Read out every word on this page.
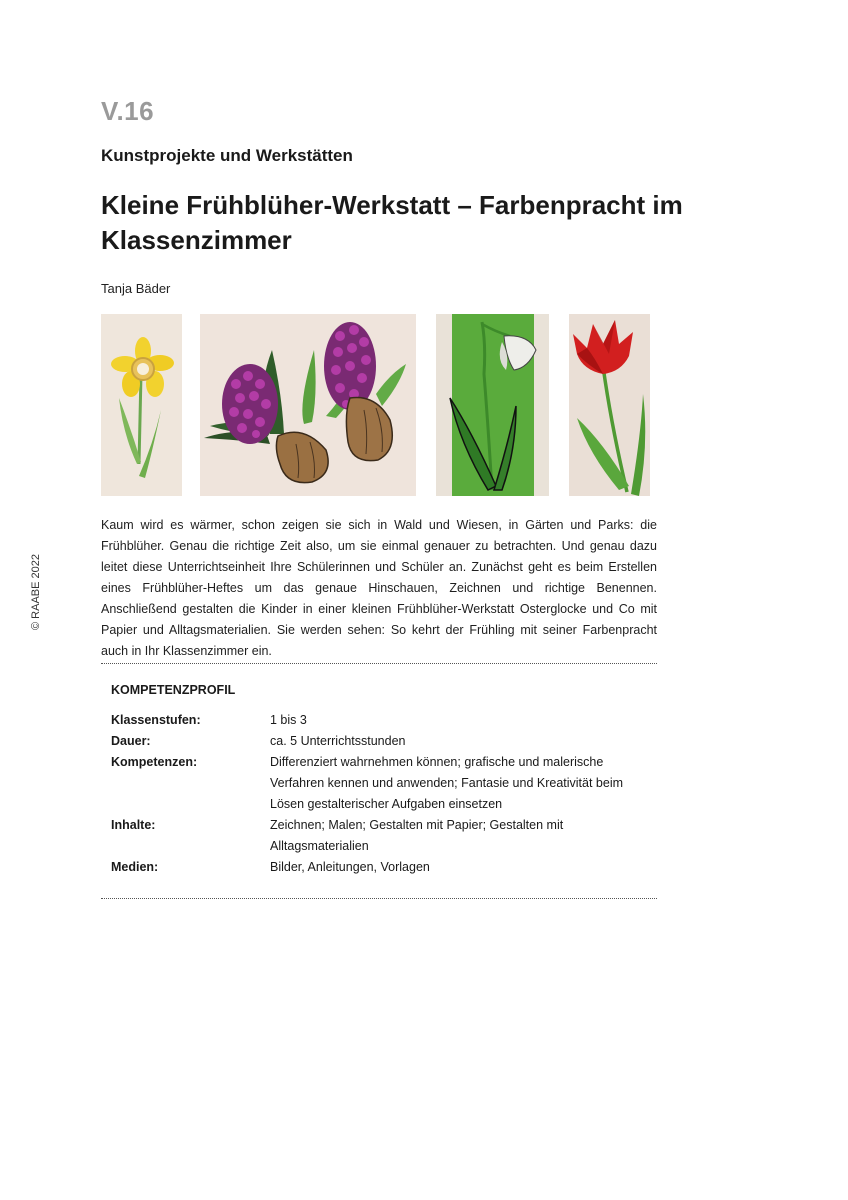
V.16
Kunstprojekte und Werkstätten
Kleine Frühblüher-Werkstatt – Farbenpracht im Klassenzimmer
Tanja Bäder
© RAABE 2022
Kaum wird es wärmer, schon zeigen sie sich in Wald und Wiesen, in Gärten und Parks: die Frühblüher. Genau die richtige Zeit also, um sie einmal genauer zu betrachten. Und genau dazu leitet diese Unterrichtseinheit Ihre Schülerinnen und Schüler an. Zunächst geht es beim Erstellen eines Frühblüher-Heftes um das genaue Hinschauen, Zeichnen und richtige Benennen. Anschließend gestalten die Kinder in einer kleinen Frühblüher-Werkstatt Osterglocke und Co mit Papier und Alltagsmaterialien. Sie werden sehen: So kehrt der Frühling mit seiner Farbenpracht auch in Ihr Klassenzimmer ein.
KOMPETENZPROFIL
Klassenstufen:	1 bis 3
Dauer:	ca. 5 Unterrichtsstunden
Kompetenzen:	Differenziert wahrnehmen können; grafische und malerische Verfahren kennen und anwenden; Fantasie und Kreativität beim Lösen gestalterischer Aufgaben einsetzen
Inhalte:	Zeichnen; Malen; Gestalten mit Papier; Gestalten mit Alltagsmaterialien
Medien:	Bilder, Anleitungen, Vorlagen
